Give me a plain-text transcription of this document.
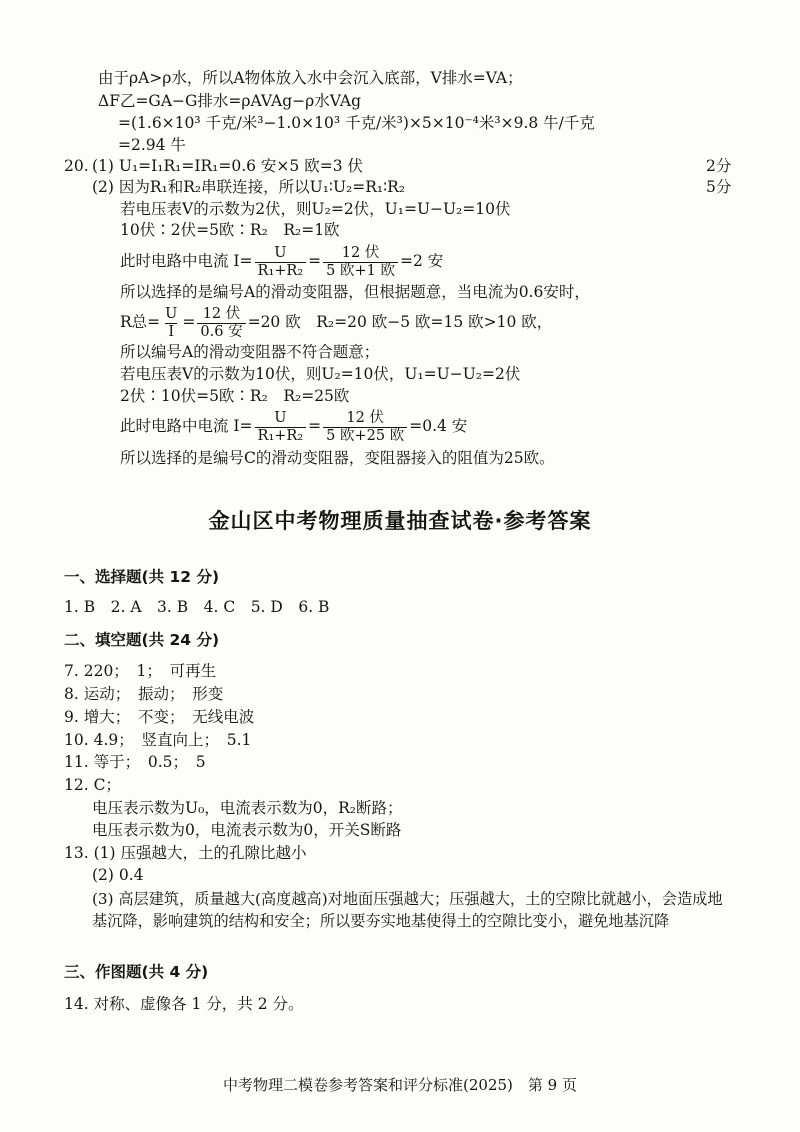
由于ρA>ρ水，所以A物体放入水中会沉入底部，V排水=VA；
ΔF乙=GA−G排水=ρAVAg−ρ水VAg
=(1.6×10³ 千克/米³−1.0×10³ 千克/米³)×5×10⁻⁴米³×9.8 牛/千克
=2.94 牛
20. (1) U₁=I₁R₁=IR₁=0.6 安×5 欧=3 伏	2分
(2) 因为R₁和R₂串联连接，所以U₁∶U₂=R₁∶R₂	5分
若电压表V的示数为2伏，则U₂=2伏，U₁=U−U₂=10伏
10伏∶2伏=5欧∶R₂　R₂=1欧
此时电路中电流 $I= \frac{U}{\text{R₁+R₂}} = \frac{\text{12 伏}}{\text{5 欧+1 欧}} =2$ 安
所以选择的是编号A的滑动变阻器，但根据题意，当电流为0.6安时，
R总= $\frac{U}{I} = \frac{\text{12 伏}}{\text{0.6 安}} =20$ 欧　R₂=20 欧−5 欧=15 欧>10 欧，
所以编号A的滑动变阻器不符合题意；
若电压表V的示数为10伏，则U₂=10伏，U₁=U−U₂=2伏
2伏∶10伏=5欧∶R₂　R₂=25欧
此时电路中电流 $I= \frac{U}{\text{R₁+R₂}} = \frac{\text{12 伏}}{\text{5 欧+25 欧}} =0.4$ 安
所以选择的是编号C的滑动变阻器，变阻器接入的阻值为25欧。
金山区中考物理质量抽查试卷·参考答案
一、选择题(共 12 分)
1. B　2. A　3. B　4. C　5. D　6. B
二、填空题(共 24 分)
7. 220；　1；　可再生
8. 运动；　振动；　形变
9. 增大；　不变；　无线电波
10. 4.9；　竖直向上；　5.1
11. 等于；　0.5；　5
12. C；
电压表示数为U₀，电流表示数为0，R₂断路；
电压表示数为0，电流表示数为0，开关S断路
13. (1) 压强越大，土的孔隙比越小
(2) 0.4
(3) 高层建筑，质量越大(高度越高)对地面压强越大；压强越大，土的空隙比就越小，会造成地基沉降，影响建筑的结构和安全；所以要夯实地基使得土的空隙比变小，避免地基沉降
三、作图题(共 4 分)
14. 对称、虚像各 1 分，共 2 分。
中考物理二模卷参考答案和评分标准(2025)　第 9 页
